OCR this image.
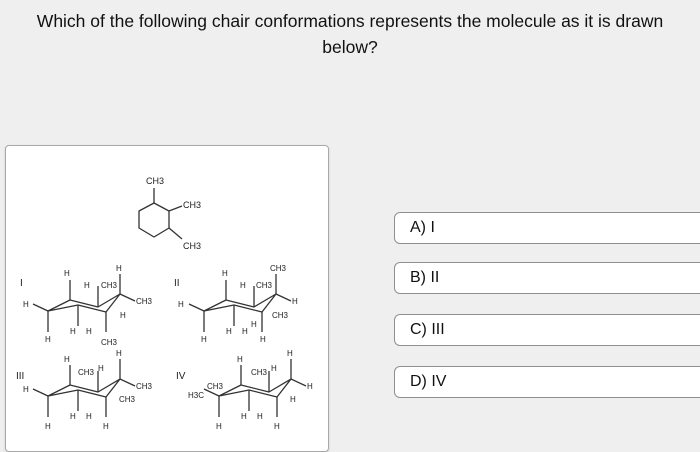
Which of the following chair conformations represents the molecule as it is drawn
below?
CH3
CH3
CH3
I
H
H
H CH3
H	CH3
H
H
H H
CH3
II
H
CH3
H CH3
H	H
CH3
H H
H
H	H
III
H
H
CH3 H
H	CH3
CH3
H H
H	H
IV
H
H
CH3 H
H3C
CH3	H
H
H H
H	H
A) I
B) II
C) III
D) IV
